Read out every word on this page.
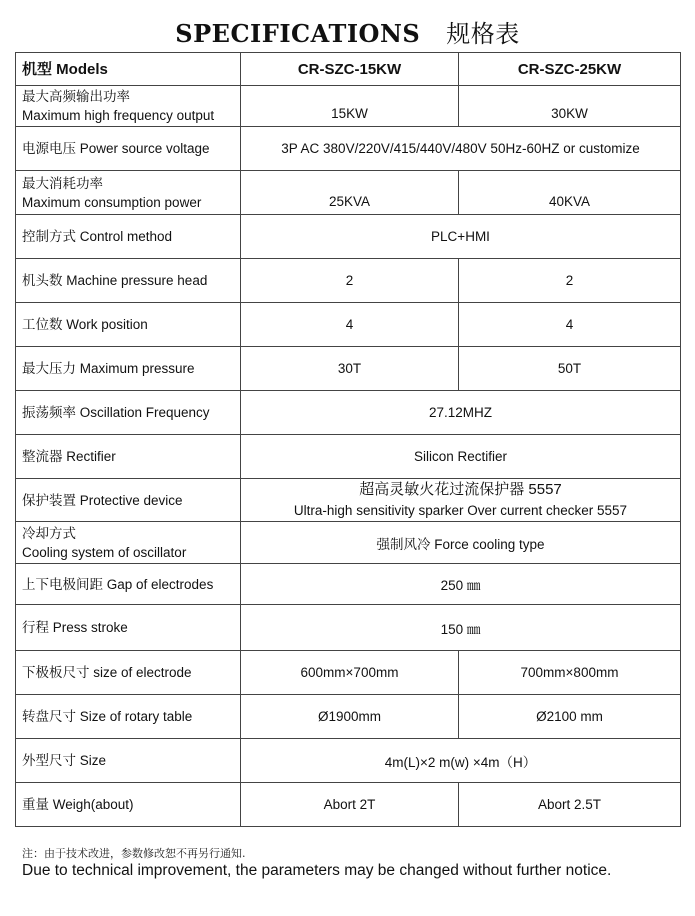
SPECIFICATIONS 规格表
机型 Models	CR-SZC-15KW	CR-SZC-25KW

最大高频输出功率
Maximum high frequency output	15KW	30KW
电源电压 Power source voltage	3P AC 380V/220V/415/440V/480V 50Hz-60HZ or customize	

最大消耗功率
Maximum consumption power	25KVA	40KVA
控制方式 Control method	PLC+HMI	
机头数 Machine pressure head	2	2
工位数 Work position	4	4
最大压力 Maximum pressure	30T	50T
振荡频率 Oscillation Frequency	27.12MHZ	
整流器 Rectifier	Silicon Rectifier	
保护装置 Protective device	超高灵敏火花过流保护器 5557
Ultra-high sensitivity sparker Over current checker 5557	

冷却方式
Cooling system of oscillator	强制风冷 Force cooling type	
上下电极间距 Gap of electrodes	250 ㎜	
行程 Press stroke	150 ㎜	
下极板尺寸 size of electrode	600mm×700mm	700mm×800mm
转盘尺寸 Size of rotary table	Ø1900mm	Ø2100 mm
外型尺寸 Size	4m(L)×2 m(w) ×4m（H）	
重量 Weigh(about)	Abort 2T	Abort 2.5T
注：由于技术改进，参数修改恕不再另行通知.
Due to technical improvement, the parameters may be changed without further notice.
